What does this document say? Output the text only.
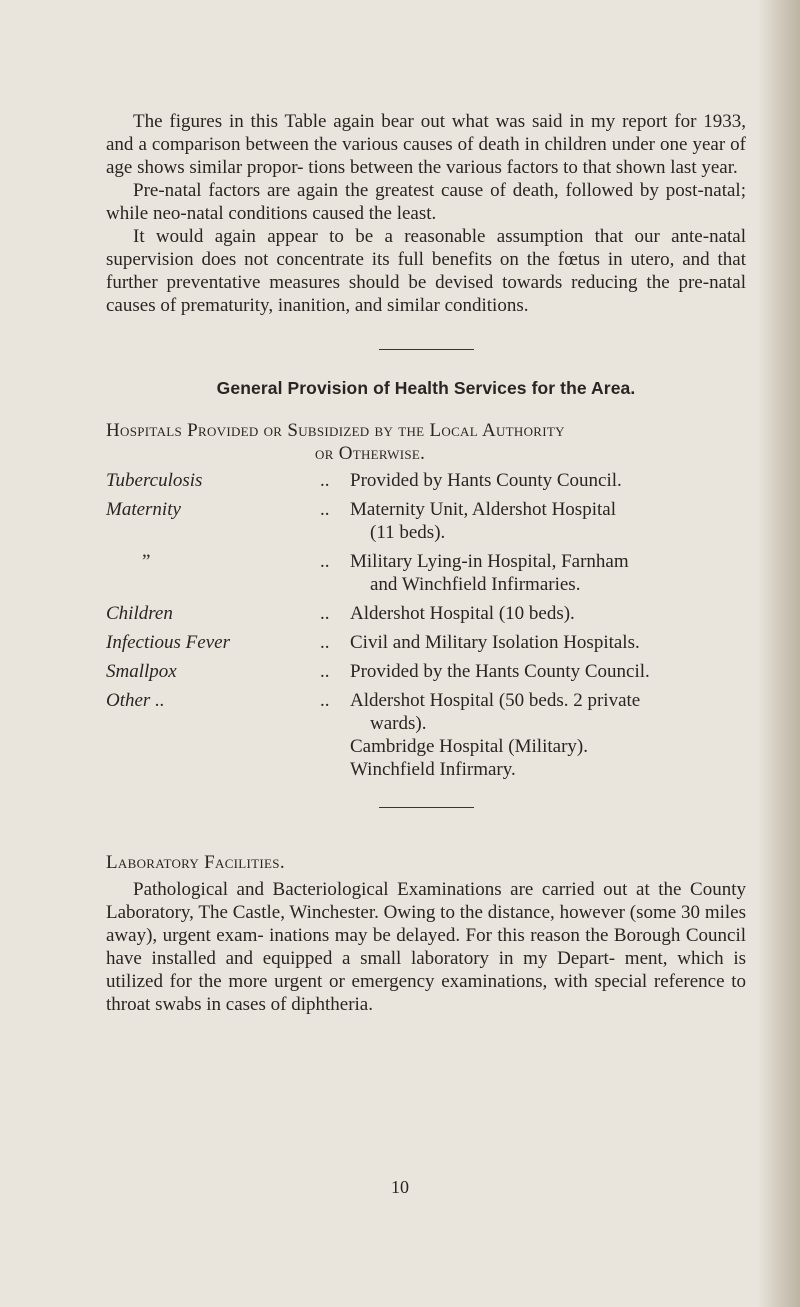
The figures in this Table again bear out what was said in my report for 1933, and a comparison between the various causes of death in children under one year of age shows similar propor- tions between the various factors to that shown last year.

Pre-natal factors are again the greatest cause of death, followed by post-natal; while neo-natal conditions caused the least.

It would again appear to be a reasonable assumption that our ante-natal supervision does not concentrate its full benefits on the fœtus in utero, and that further preventative measures should be devised towards reducing the pre-natal causes of prematurity, inanition, and similar conditions.

General Provision of Health Services for the Area.
Hospitals Provided or Subsidized by the Local Authority
or Otherwise.
Tuberculosis	..	Provided by Hants County Council.

Maternity	..	Maternity Unit, Aldershot Hospital
(11 beds).

”	..	Military Lying-in Hospital, Farnham
and Winchfield Infirmaries.

Children	..	Aldershot Hospital (10 beds).

Infectious Fever	..	Civil and Military Isolation Hospitals.

Smallpox	..	Provided by the Hants County Council.

Other ..	..	Aldershot Hospital (50 beds. 2 private
wards).
Cambridge Hospital (Military).
Winchfield Infirmary.
Laboratory Facilities.

Pathological and Bacteriological Examinations are carried out at the County Laboratory, The Castle, Winchester. Owing to the distance, however (some 30 miles away), urgent exam- inations may be delayed. For this reason the Borough Council have installed and equipped a small laboratory in my Depart- ment, which is utilized for the more urgent or emergency examinations, with special reference to throat swabs in cases of diphtheria.

10
